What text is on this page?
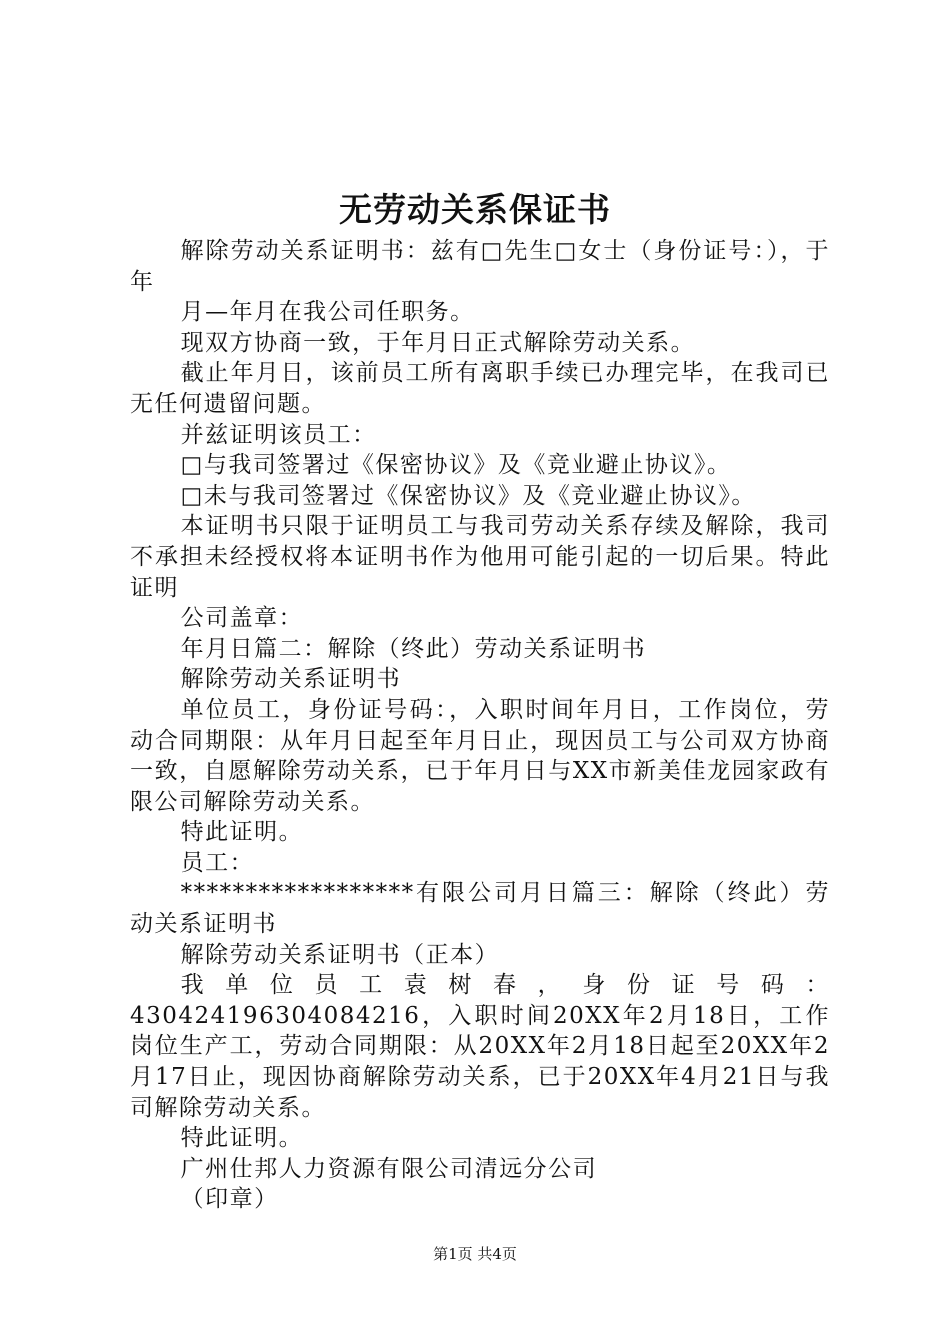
无劳动关系保证书

解除劳动关系证明书：兹有□先生□女士（身份证号：），于年

月—年月在我公司任职务。

现双方协商一致，于年月日正式解除劳动关系。

截止年月日，该前员工所有离职手续已办理完毕，在我司已无任何遗留问题。

并兹证明该员工：

□与我司签署过《保密协议》及《竞业避止协议》。

□未与我司签署过《保密协议》及《竞业避止协议》。

本证明书只限于证明员工与我司劳动关系存续及解除，我司不承担未经授权将本证明书作为他用可能引起的一切后果。特此证明

公司盖章：

年月日篇二：解除（终此）劳动关系证明书

解除劳动关系证明书

单位员工，身份证号码：，入职时间年月日，工作岗位，劳动合同期限：从年月日起至年月日止，现因员工与公司双方协商一致，自愿解除劳动关系，已于年月日与XX市新美佳龙园家政有限公司解除劳动关系。

特此证明。

员工：

******************有限公司月日篇三：解除（终此）劳动关系证明书

解除劳动关系证明书（正本）

我单位员工袁树春，身份证号码：430424196304084216，入职时间20XX年2月18日，工作岗位生产工，劳动合同期限：从20XX年2月18日起至20XX年2月17日止，现因协商解除劳动关系，已于20XX年4月21日与我司解除劳动关系。

特此证明。

广州仕邦人力资源有限公司清远分公司

（印章）

第1页 共4页
